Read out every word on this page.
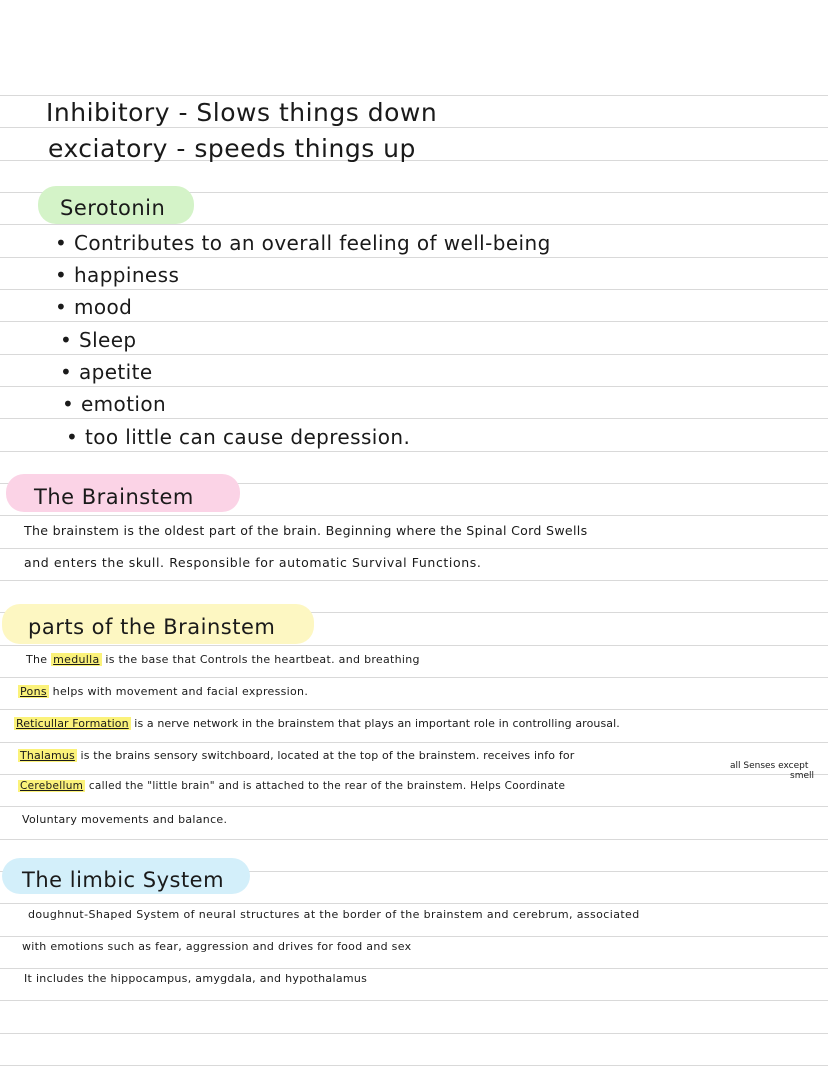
Inhibitory - Slows things down
exciatory - speeds things up
Serotonin
• Contributes to an overall feeling of well-being
• happiness
• mood
• Sleep
• apetite
• emotion
• too little can cause depression.
The Brainstem
The brainstem is the oldest part of the brain. Beginning where the Spinal Cord Swells
and enters the skull. Responsible for automatic Survival Functions.
parts of the Brainstem
The medulla is the base that Controls the heartbeat. and breathing
Pons helps with movement and facial expression.
Reticullar Formation is a nerve network in the brainstem that plays an important role in controlling arousal.
Thalamus is the brains sensory switchboard, located at the top of the brainstem. receives info for
all Senses except
smell
Cerebellum called the "little brain" and is attached to the rear of the brainstem. Helps Coordinate
Voluntary movements and balance.
The limbic System
doughnut-Shaped System of neural structures at the border of the brainstem and cerebrum, associated
with emotions such as fear, aggression and drives for food and sex
It includes the hippocampus, amygdala, and hypothalamus
